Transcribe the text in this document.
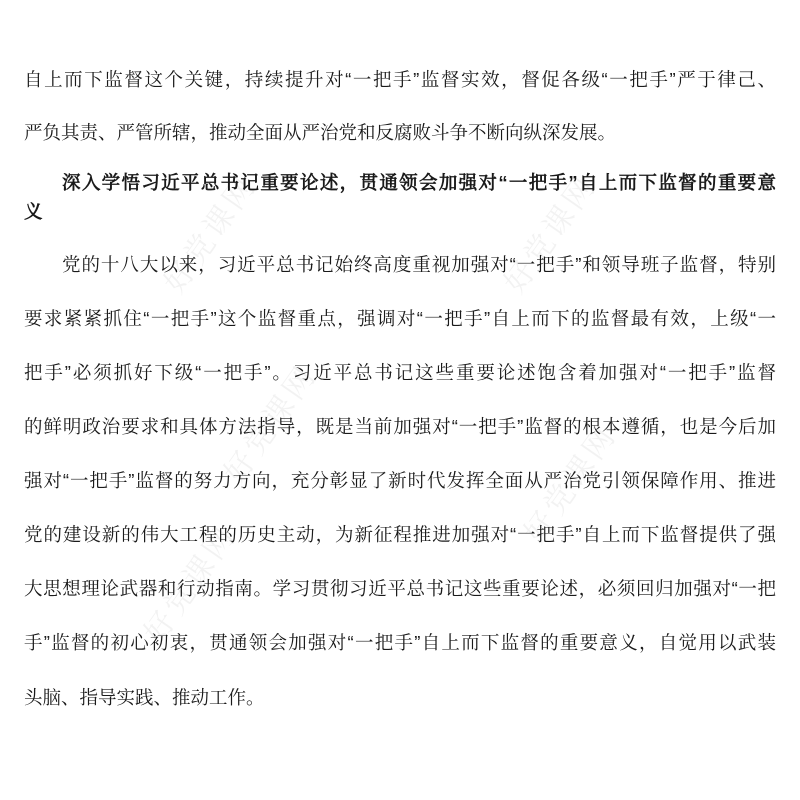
好党课网	好党课网
好党课网	好党课网
好党课网
自上而下监督这个关键，持续提升对“一把手”监督实效，督促各级“一把手”严于律己、
严负其责、严管所辖，推动全面从严治党和反腐败斗争不断向纵深发展。
深入学悟习近平总书记重要论述，贯通领会加强对“一把手”自上而下监督的重要意
义
党的十八大以来，习近平总书记始终高度重视加强对“一把手”和领导班子监督，特别
要求紧紧抓住“一把手”这个监督重点，强调对“一把手”自上而下的监督最有效，上级“一
把手”必须抓好下级“一把手”。习近平总书记这些重要论述饱含着加强对“一把手”监督
的鲜明政治要求和具体方法指导，既是当前加强对“一把手”监督的根本遵循，也是今后加
强对“一把手”监督的努力方向，充分彰显了新时代发挥全面从严治党引领保障作用、推进
党的建设新的伟大工程的历史主动，为新征程推进加强对“一把手”自上而下监督提供了强
大思想理论武器和行动指南。学习贯彻习近平总书记这些重要论述，必须回归加强对“一把
手”监督的初心初衷，贯通领会加强对“一把手”自上而下监督的重要意义，自觉用以武装
头脑、指导实践、推动工作。
